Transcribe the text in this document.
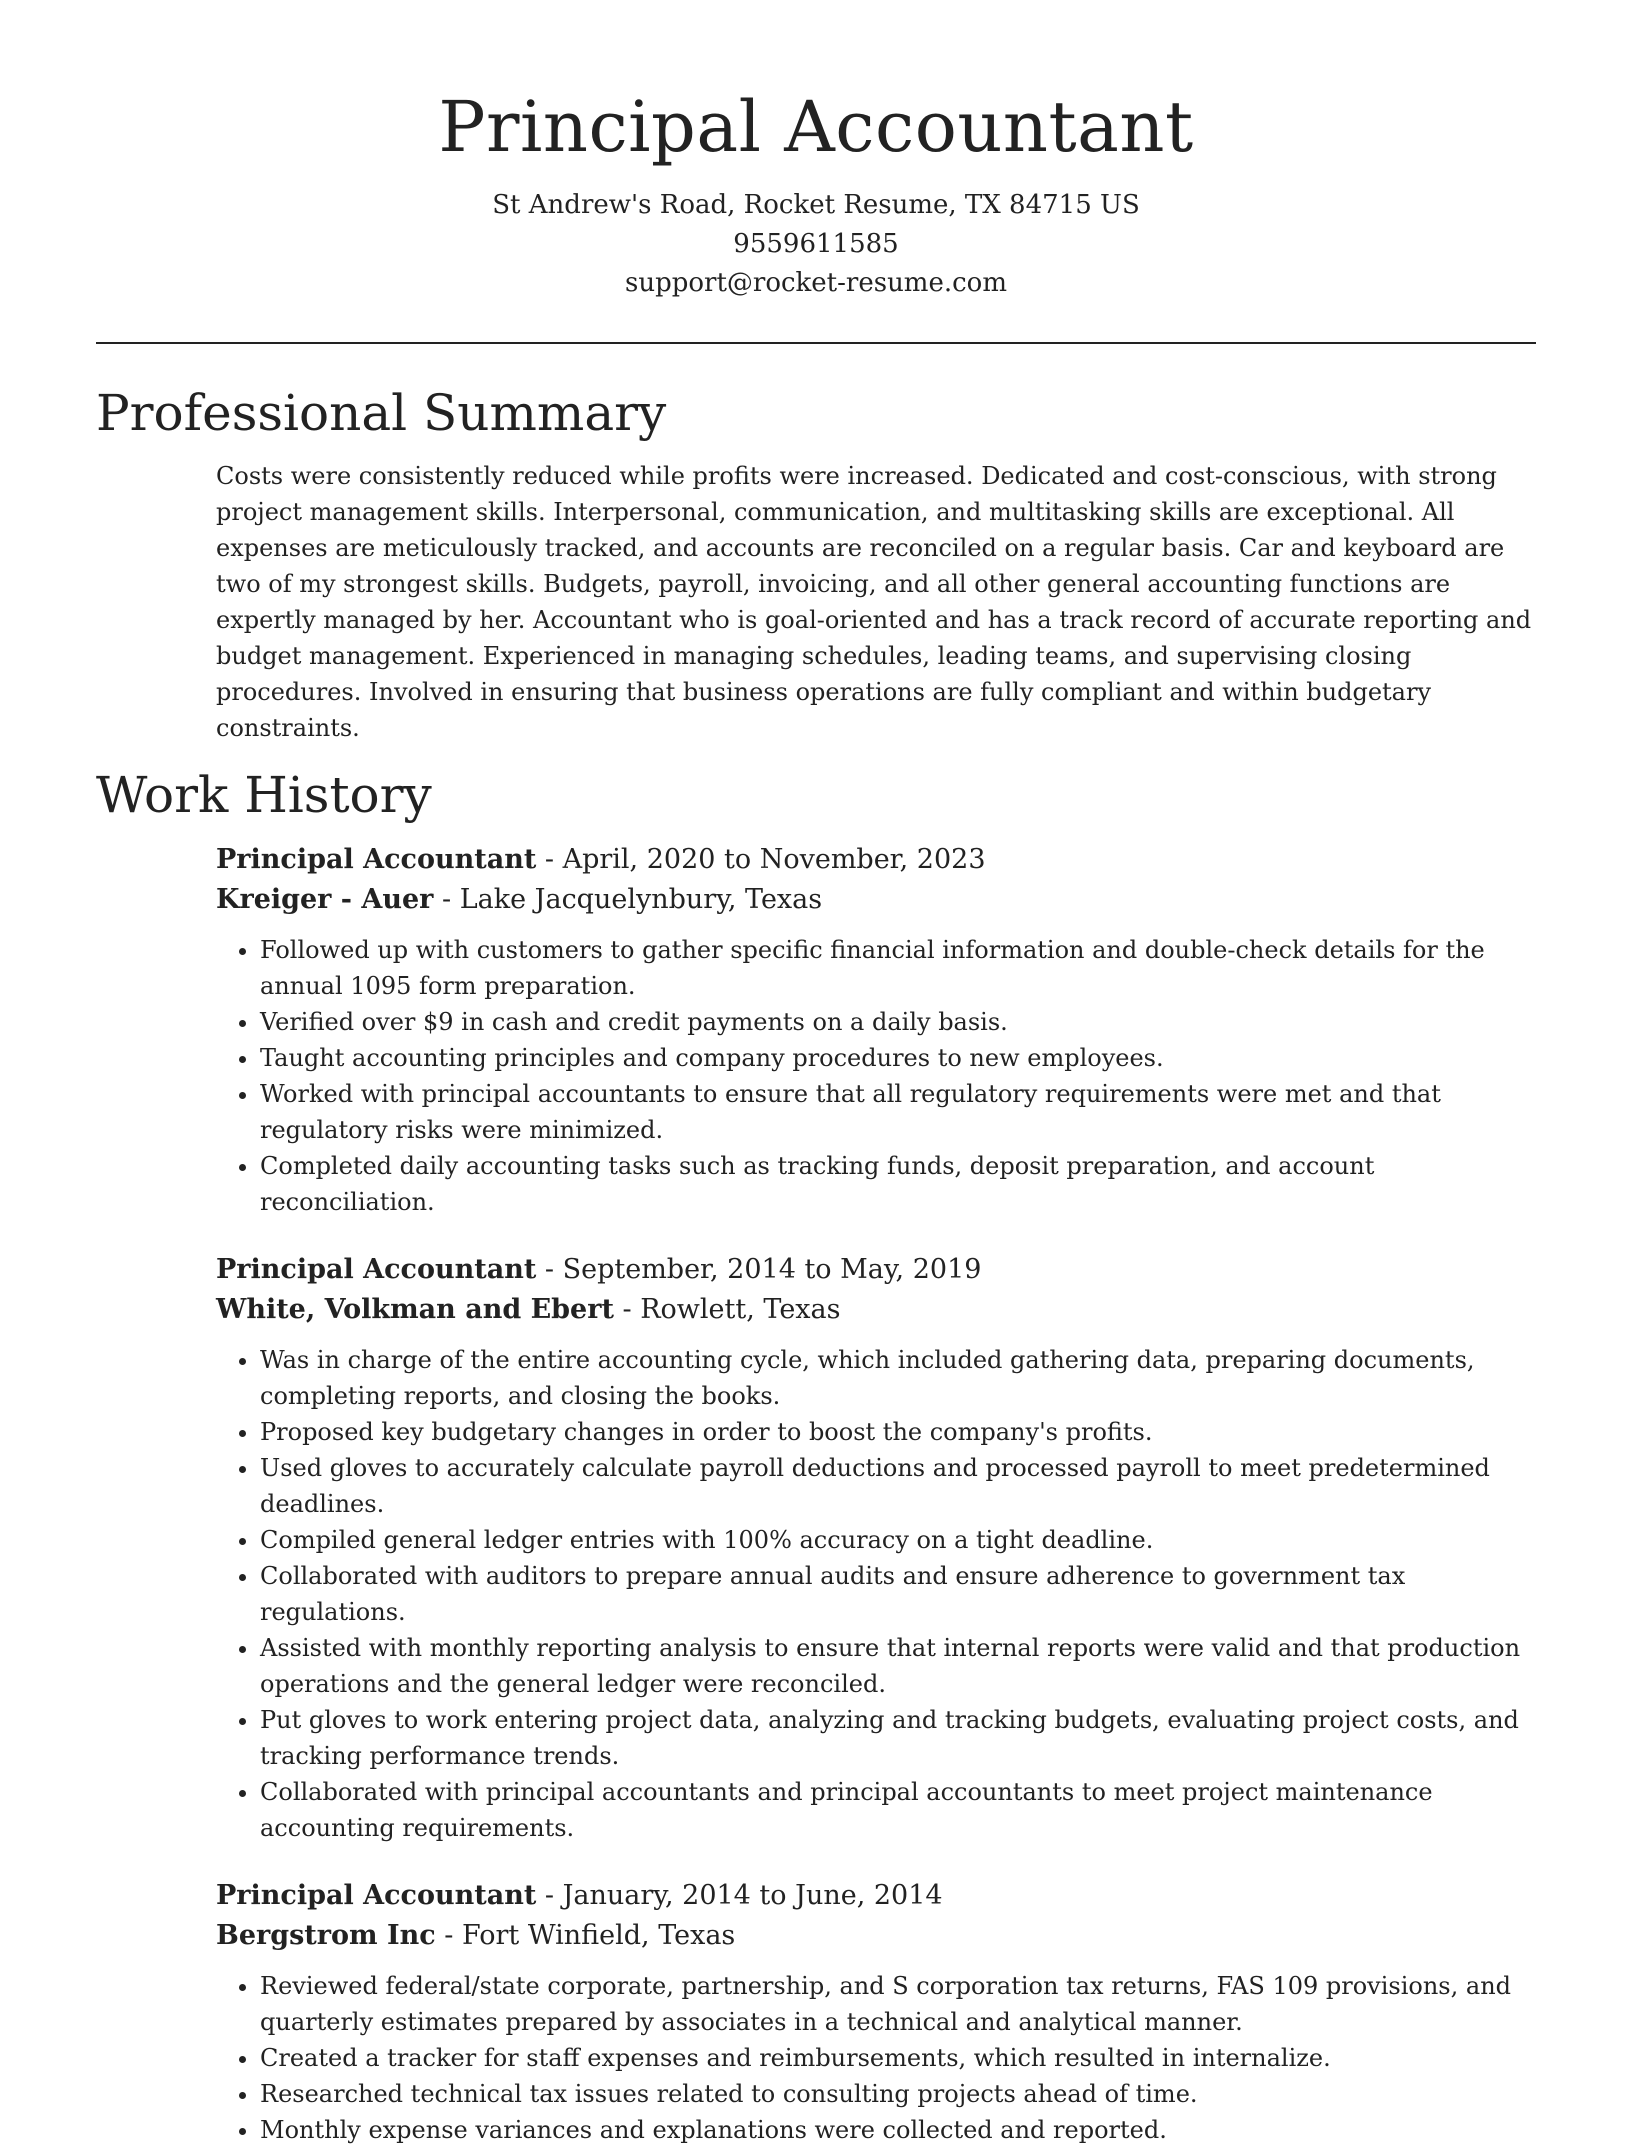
Principal Accountant
St Andrew's Road, Rocket Resume, TX 84715 US
9559611585
support@rocket-resume.com
Professional Summary

Costs were consistently reduced while profits were increased. Dedicated and cost-conscious, with strong project management skills. Interpersonal, communication, and multitasking skills are exceptional. All expenses are meticulously tracked, and accounts are reconciled on a regular basis. Car and keyboard are two of my strongest skills. Budgets, payroll, invoicing, and all other general accounting functions are expertly managed by her. Accountant who is goal-oriented and has a track record of accurate reporting and budget management. Experienced in managing schedules, leading teams, and supervising closing procedures. Involved in ensuring that business operations are fully compliant and within budgetary constraints.

Work History
Principal Accountant - April, 2020 to November, 2023
Kreiger - Auer - Lake Jacquelynbury, Texas
• Followed up with customers to gather specific financial information and double-check details for the annual 1095 form preparation.
• Verified over $9 in cash and credit payments on a daily basis.
• Taught accounting principles and company procedures to new employees.
• Worked with principal accountants to ensure that all regulatory requirements were met and that regulatory risks were minimized.
• Completed daily accounting tasks such as tracking funds, deposit preparation, and account reconciliation.
Principal Accountant - September, 2014 to May, 2019
White, Volkman and Ebert - Rowlett, Texas
• Was in charge of the entire accounting cycle, which included gathering data, preparing documents, completing reports, and closing the books.
• Proposed key budgetary changes in order to boost the company's profits.
• Used gloves to accurately calculate payroll deductions and processed payroll to meet predetermined deadlines.
• Compiled general ledger entries with 100% accuracy on a tight deadline.
• Collaborated with auditors to prepare annual audits and ensure adherence to government tax regulations.
• Assisted with monthly reporting analysis to ensure that internal reports were valid and that production operations and the general ledger were reconciled.
• Put gloves to work entering project data, analyzing and tracking budgets, evaluating project costs, and tracking performance trends.
• Collaborated with principal accountants and principal accountants to meet project maintenance accounting requirements.
Principal Accountant - January, 2014 to June, 2014
Bergstrom Inc - Fort Winfield, Texas
• Reviewed federal/state corporate, partnership, and S corporation tax returns, FAS 109 provisions, and quarterly estimates prepared by associates in a technical and analytical manner.
• Created a tracker for staff expenses and reimbursements, which resulted in internalize.
• Researched technical tax issues related to consulting projects ahead of time.
• Monthly expense variances and explanations were collected and reported.
